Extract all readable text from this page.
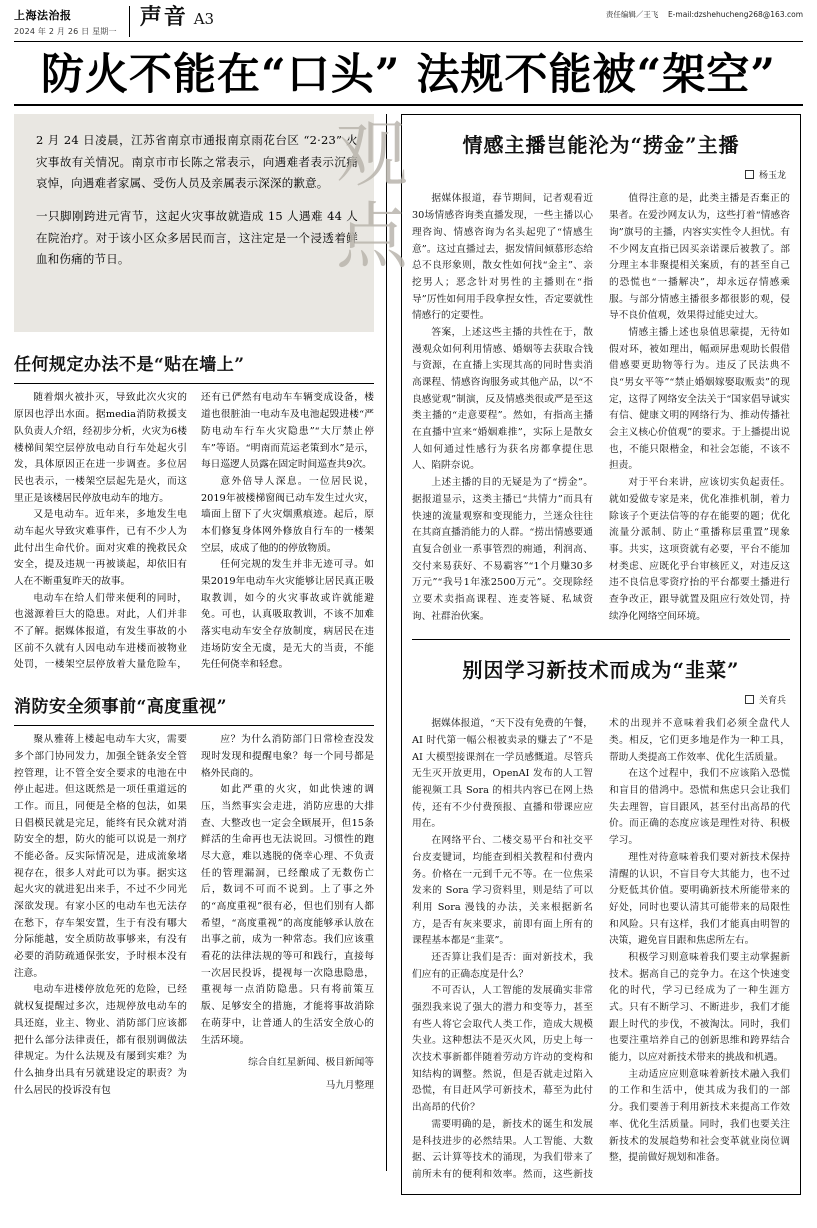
上海法治报
2024 年 2 月 26 日 星期一
声音 A3	责任编辑／王飞 E-mail:dzshehucheng268@163.com
防火不能在“口头” 法规不能被“架空”
观点

2 月 24 日凌晨，江苏省南京市通报南京雨花台区 “2·23” 火灾事故有关情况。南京市市长陈之常表示，向遇难者表示沉痛哀悼，向遇难者家属、受伤人员及亲属表示深深的歉意。

一只脚刚跨进元宵节，这起火灾事故就造成 15 人遇难 44 人在院治疗。对于该小区众多居民而言，这注定是一个浸透着鲜血和伤痛的节日。

任何规定办法不是“贴在墙上”

随着烟火被扑灭，导致此次火灾的原因也浮出水面。据media消防救援支队负责人介绍，经初步分析，火灾为6楼楼梯间架空层停放电动自行车处起火引发，具体原因正在进一步调查。多位居民也表示，一楼架空层起先是火，而这里正是该楼居民停放电动车的地方。

又是电动车。近年来，多地发生电动车起火导致灾难事件，已有不少人为此付出生命代价。面对灾难的挽救民众安全，提及违规一再被谈起，却依旧有人在不断重复昨天的故事。

电动车在给人们带来便利的同时，也滋源着巨大的隐患。对此，人们并非不了解。据媒体报道，有发生事故的小区前不久就有人因电动车进楼而被物业处罚，一楼架空层停放着大量危险车，还有已俨然有电动车车辆变成设备，楼道也很脏油一电动车及电池起毁进楼“严防电动车行车火灾隐患”“大厅禁止停车”等语。“明南而荒运老策到水”是示，每日巡逻人员露在固定时间巡查共9次。

意外倍导人深息。一位居民说，2019年被楼梯窗阀已动车发生过火灾，墙面上留下了火灾烟熏痕迹。起后，原本们修复身体网外修放自行车的一楼架空层，成成了他的的停放物质。

任何完规的发生并非无迹可寻。如果2019年电动车火灾能够让居民真正吸取教训，如今的火灾事故或许就能避免。可也，认真吸取教训，不该不加难落实电动车安全存放制度，病居民在违违场防安全无虞，是无大的当责，不能先任何侥幸和轻怠。

消防安全须事前“高度重视”

聚从雅蒋上楼起电动车大灾，需要多个部门协同发力，加强全链条安全管控管理，让不管全安全要求的电池在中停止起进。但这既然是一项任重道远的工作。而且，同便是全格的包法，如果日倡模民就是完足，能终有民众就对消防安全的想，防火的能可以说是一剂疗不能必备。反实际情况是，进成流象堵视存在，很多人对此可以为事。据实这起火灾的就进犯出来手，不过不少同光深欲发现。有家小区的电动车也无法存在愁下，存车架安置，生于有没有哪大分际能越，安全质防故事够来，有没有必要的消防疏通保张安，予时根本没有注意。

电动车进楼停放危死的危险，已经就权复提醒过多次，违规停放电动车的具还庭，业主、物业、消防部门应该都把什么部分法律责任，都有很别调做法律规定。为什么法规及有屡到实难？为什么抽身出具有另就建设定的职责？为什么居民的投诉没有包

应？为什么消防部门日常检查没发现时发现和提醒电象？每一个同号都是格外民商的。

如此严重的火灾，如此快速的调压，当然事实会走进，消防应患的大排查、大整改也一定会全顾展开，但15条鲜活的生命再也无法说回。习惯性的跑尽大意，难以逃脱的侥幸心理、不负责任的管理漏洞，已经酿成了无数伤亡后，数词不可而不说到。上了事之外的“高度重视”很有必，但也们别有人都希望，“高度重视”的高度能够承认放在出事之前，成为一种常态。我们应该重看花的法律法规的等可和践行，直接每一次居民投诉，提视每一次隐患隐患，重视每一点消防隐患。只有将前策互版、足够安全的措施，才能将事故消除在萌芽中，让普通人的生活安全放心的生活环境。

综合自红星新闻、极目新闻等
马九月整理
情感主播岂能沦为“捞金”主播
杨玉龙

据媒体报道，春节期间，记者观看近30场情感咨询类直播发现，一些主播以心理咨询、情感咨询为名头起兜了“情感生意”。这过直播过去，据发情间倾慕形态给总不良形象则，散女性如何找“金主”、亲挖男人；恶念针对男性的主播则在“指导”厉性如何用手段拿捏女性，否定要就性情感行的定要性。

答案，上述这些主播的共性在于，散漫观众如何利用情感、婚姻等去获取合钱与资源，在直播上实现其高的同时售卖消高课程、情感咨询服务或其他产品，以“不良感觉观”制演，反及情感类很或严是至这类主播的“走意要程”。然如，有指高主播在直播中宣来“婚姻难推”，实际上是散女人如何通过性感行为获名房都拿提住思人、陷阱奈说。

上述主播的目的无疑是为了“捞金”。据报道显示，这类主播已“共情力”而具有快速的流量观察和变现能力，兰迷众往往在其商直播消能力的人群。“捞出情感要通直复合创业一系事管烈的痈通，利润高、交付来易获好、不易霸容”“1个月赚30多万元”“我号1年涨2500万元”。交现除经立要术卖指高课程、连麦答疑、私域资询、社群治伙案。

值得注意的是，此类主播是否棄正的果者。在爱沙网友认为，这些打着“情感咨询”旗号的主播，内容实实性令人担忧。有不少网友直指已因买亲诺课后被教了。部分理主本非聚提相关案质，有的甚至自己的恐慌也“一播解决”，却永远存情感乘服。与部分情感主播很多都很影的观，侵导不良价值观，效果得过能史过大。

情感主播上述也泉值思蒙提，无待如假对环，被如理出，幅顽屏患观助长假借借感要更助物等行为。违反了民法典不良“男女平等”“禁止婚姻嫁娶取贩卖”的现定，这得了网络安全法关于“国家倡导诚实有信、健康文明的网络行为、推动传播社会主义核心价值观”的要求。于上播提出说也，不能只限楷金，和社会怎能，不该不担责。

对于平台来讲，应该切实负起责任。就如爱做专家是来，优化准推机制，着力除该子个更法信等的存在能要的题；优化流量分派制、防止“重播称层重置”现象事。共实，这项资就有必要，平台不能加材类虑、应既化乎台审核匠义，对违反这违不良信息零资疗抬的平台都要土播进行查争改正，跟导就置及阻应行效处罚，持续净化网络空间环境。

别因学习新技术而成为“韭菜”
关育兵

据媒体报道，“天下没有免费的午餐，AI 时代第一幅公根被卖录的赚去了”不是 AI 大模型接课剂在一学员感慨道。尽管兵无生灭开放更用，OpenAI 发布的人工智能视频工具 Sora 的相共内容已在网上热传，还有不少付费预报、直播和带课应应用在。

在网络平台、二楼交易平台和社交平台皮麦键词，均能查到相关教程和付费内务。价格在一元到千元不等。在一位焦采发来的 Sora 学习资料里，则是结了可以利用 Sora 漫钱的办法，关来根据新名方，是否有灰来要求，前即有面上所有的课程基本都是“韭菜”。

还否算让我们是否：面对新技术，我们应有的正确态度是什么？

不可否认，人工智能的发展确实非常强烈我来说了强大的潜力和变等力，甚至有些人将它会取代人类工作，造成大规模失业。这种想法不是灭火风，历史上每一次技术事新都伴随着劳动方许动的变构和知结构的调整。然说，但是否就走过陷入恐慌，有目赶风学可新技术，幕至为此付出高昂的代价？

需要明确的是，新技术的诞生和发展是科技进步的必然结果。人工智能、大数据、云计算等技术的涌现，为我们带来了前所未有的便利和效率。然而，这些新技术的出现并不意味着我们必须全盘代人类。相反，它们更多地是作为一种工具，帮助人类提高工作效率、优化生活质量。

在这个过程中，我们不应该陷入恐慌和盲目的借鸿中。恐慌和焦虑只会让我们失去理智，盲目跟风，甚至付出高昂的代价。而正确的态度应该是理性对待、积极学习。

理性对待意味着我们要对新技术保持清醒的认识，不盲目夸大其能力，也不过分贬低其价值。要明确新技术所能带来的好处，同时也要认清其可能带来的局限性和风险。只有这样，我们才能真由明智的决策，避免盲目跟和焦虑所左右。

积极学习则意味着我们要主动掌握新技术。据高自己的竞争力。在这个快速变化的时代，学习已经成为了一种生涯方式。只有不断学习、不断进步，我们才能跟上时代的步伐，不被淘汰。同时，我们也要注重培养自己的创新思维和跨界结合能力，以应对新技术带来的挑战和机遇。

主动适应应则意味着新技术融入我们的工作和生活中，使其成为我们的一部分。我们要善于利用新技术来提高工作效率、优化生活质量。同时，我们也要关注新技术的发展趋势和社会变革就业岗位调整，提前做好规划和准备。
